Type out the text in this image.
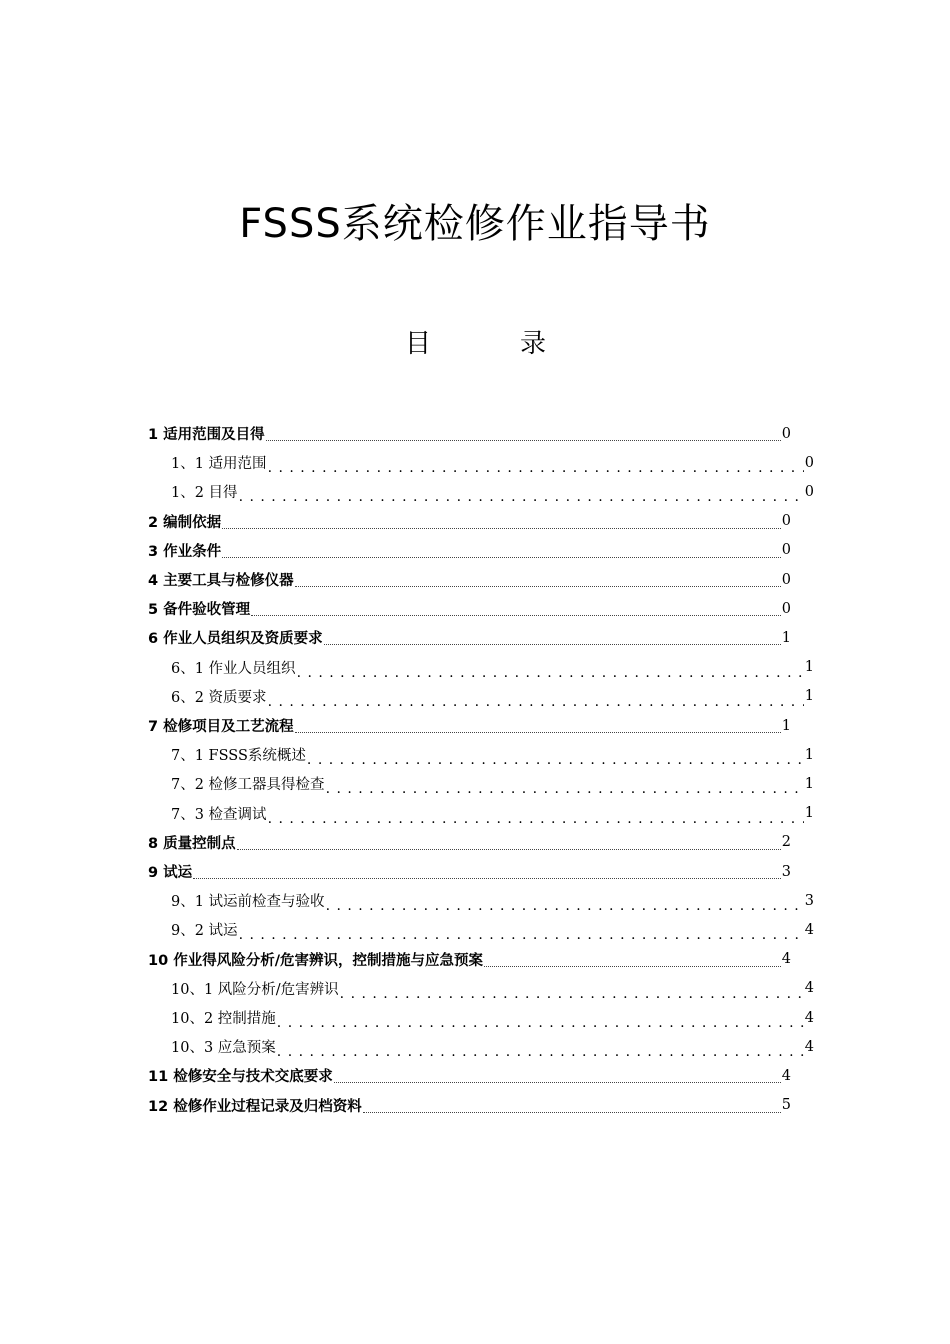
FSSS系统检修作业指导书
目	录
1 适用范围及目得	0
1、1 适用范围 . . .	0
1、2 目得 . . .	0
2 编制依据	0
3 作业条件	0
4 主要工具与检修仪器	0
5 备件验收管理	0
6 作业人员组织及资质要求	1
6、1 作业人员组织 . . .	1
6、2 资质要求 . . .	1
7 检修项目及工艺流程	1
7、1 FSSS系统概述 . . .	1
7、2 检修工器具得检查 . . .	1
7、3 检查调试 . . .	1
8 质量控制点	2
9 试运	3
9、1 试运前检查与验收 . . .	3
9、2 试运 . . .	4
10 作业得风险分析/危害辨识，控制措施与应急预案	4
10、1 风险分析/危害辨识 . . .	4
10、2 控制措施 . . .	4
10、3 应急预案 . . .	4
11 检修安全与技术交底要求	4
12 检修作业过程记录及归档资料	5
